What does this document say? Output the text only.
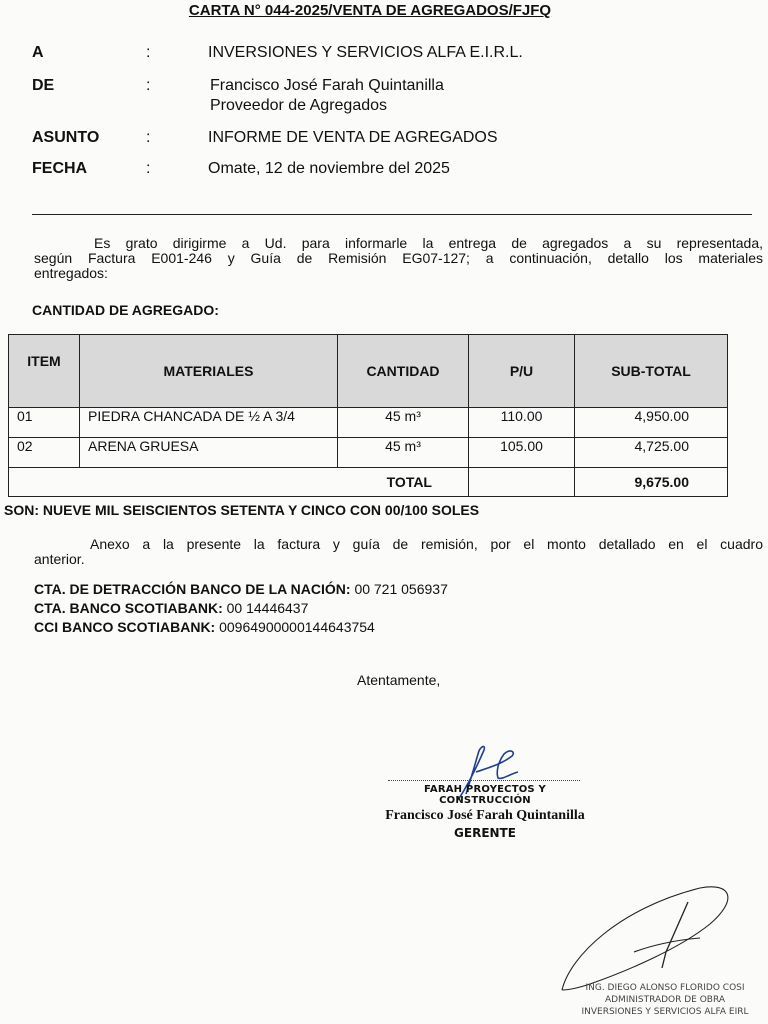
CARTA N° 044-2025/VENTA DE AGREGADOS/FJFQ
A	:	INVERSIONES Y SERVICIOS ALFA E.I.R.L.
DE	:	Francisco José Farah Quintanilla
Proveedor de Agregados
ASUNTO	:	INFORME DE VENTA DE AGREGADOS
FECHA	:	Omate, 12 de noviembre del 2025
Es grato dirigirme a Ud. para informarle la entrega de agregados a su representada,
según Factura E001-246 y Guía de Remisión EG07-127; a continuación, detallo los materiales
entregados:
CANTIDAD DE AGREGADO:
ITEM	MATERIALES	CANTIDAD	P/U	SUB-TOTAL
01	PIEDRA CHANCADA DE ½ A 3/4	45 m³	110.00	4,950.00
02	ARENA GRUESA	45 m³	105.00	4,725.00
TOTAL				9,675.00
SON: NUEVE MIL SEISCIENTOS SETENTA Y CINCO CON 00/100 SOLES
Anexo a la presente la factura y guía de remisión, por el monto detallado en el cuadro
anterior.
CTA. DE DETRACCIÓN BANCO DE LA NACIÓN: 00 721 056937
CTA. BANCO SCOTIABANK: 00 14446437
CCI BANCO SCOTIABANK: 00964900000144643754
Atentamente,
FARAH PROYECTOS Y CONSTRUCCIÓN
Francisco José Farah Quintanilla
GERENTE
ING. DIEGO ALONSO FLORIDO COSI
ADMINISTRADOR DE OBRA
INVERSIONES Y SERVICIOS ALFA EIRL
